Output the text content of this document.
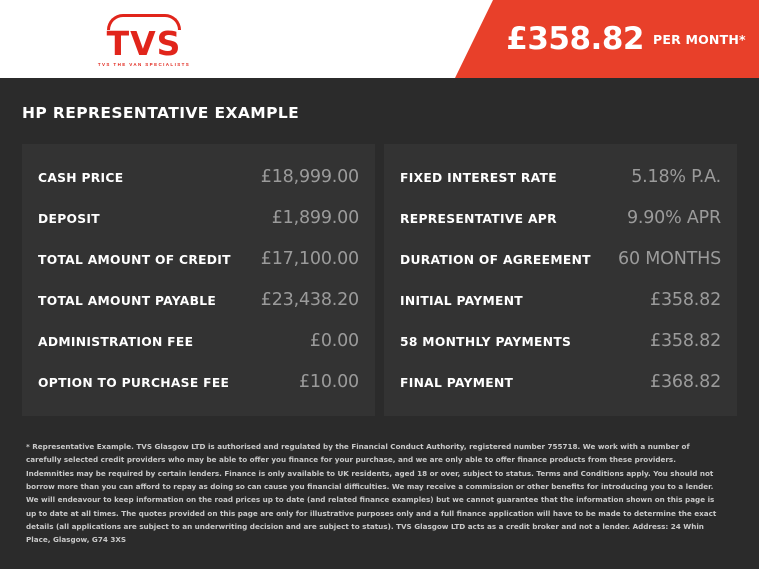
TVS
TVS THE VAN SPECIALISTS
£358.82 PER MONTH*
HP REPRESENTATIVE EXAMPLE
CASH PRICE	£18,999.00
DEPOSIT	£1,899.00
TOTAL AMOUNT OF CREDIT £17,100.00
TOTAL AMOUNT PAYABLE	£23,438.20
ADMINISTRATION FEE	£0.00
OPTION TO PURCHASE FEE	£10.00
FIXED INTEREST RATE	5.18% P.A.
REPRESENTATIVE APR	9.90% APR
DURATION OF AGREEMENT 60 MONTHS
INITIAL PAYMENT	£358.82
58 MONTHLY PAYMENTS	£358.82
FINAL PAYMENT	£368.82
* Representative Example. TVS Glasgow LTD is authorised and regulated by the Financial Conduct Authority, registered number 755718. We work with a number of carefully selected credit providers who may be able to offer you finance for your purchase, and we are only able to offer finance products from these providers. Indemnities may be required by certain lenders. Finance is only available to UK residents, aged 18 or over, subject to status. Terms and Conditions apply. You should not borrow more than you can afford to repay as doing so can cause you financial difficulties. We may receive a commission or other benefits for introducing you to a lender. We will endeavour to keep information on the road prices up to date (and related finance examples) but we cannot guarantee that the information shown on this page is up to date at all times. The quotes provided on this page are only for illustrative purposes only and a full finance application will have to be made to determine the exact details (all applications are subject to an underwriting decision and are subject to status). TVS Glasgow LTD acts as a credit broker and not a lender. Address: 24 Whin Place, Glasgow, G74 3XS
